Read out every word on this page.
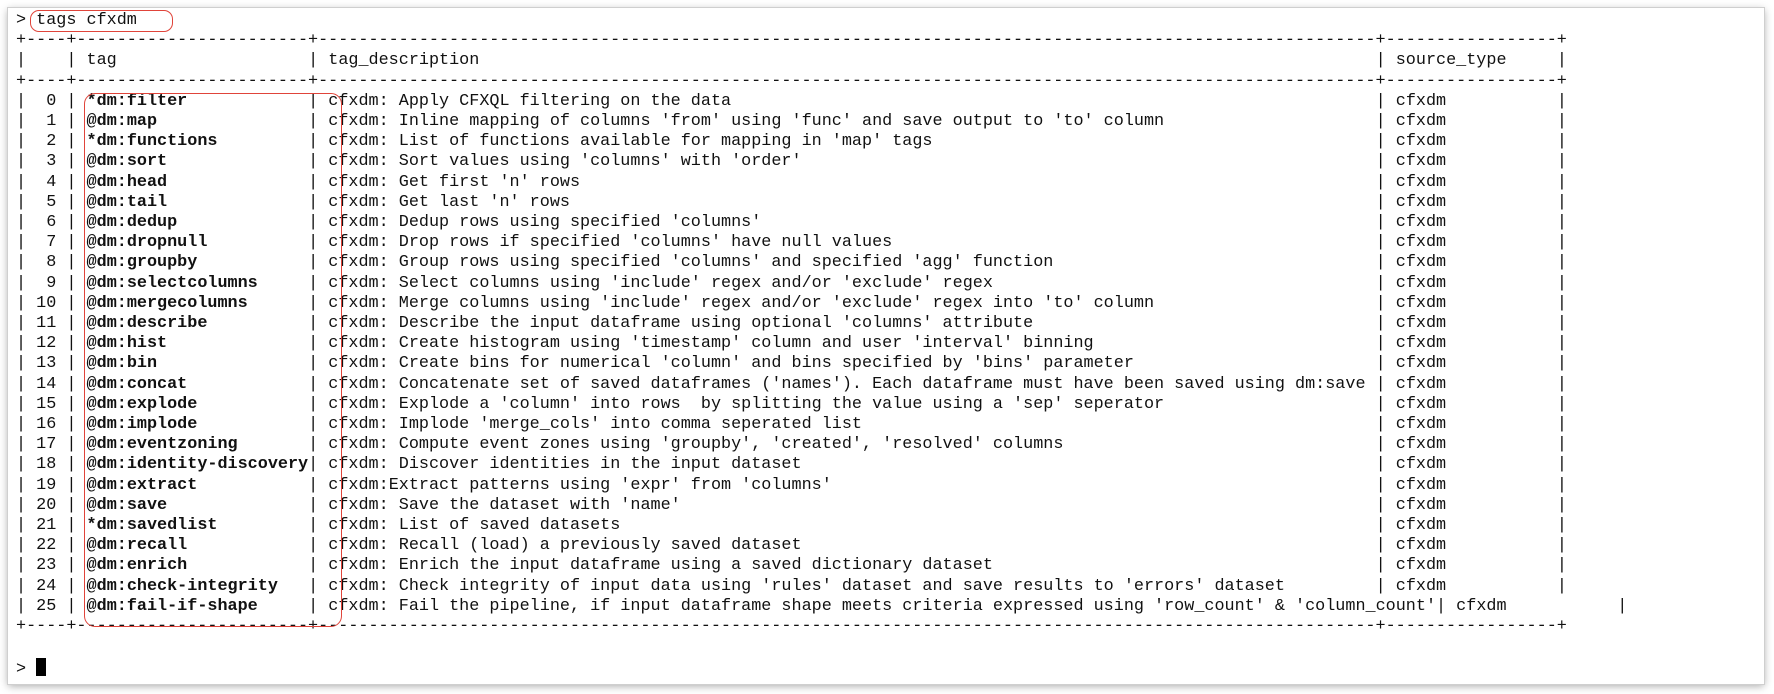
> tags cfxdm
+----+-----------------------+---------------------------------------------------------------------------------------------------------+-----------------+
|    | tag                   | tag_description                                                                                         | source_type     |
+----+-----------------------+---------------------------------------------------------------------------------------------------------+-----------------+
| 0 | *dm:filter            | cfxdm: Apply CFXQL filtering on the data                                                                | cfxdm           |
| 1 | @dm:map               | cfxdm: Inline mapping of columns 'from' using 'func' and save output to 'to' column                     | cfxdm           |
| 2 | *dm:functions         | cfxdm: List of functions available for mapping in 'map' tags                                            | cfxdm           |
| 3 | @dm:sort              | cfxdm: Sort values using 'columns' with 'order'                                                         | cfxdm           |
| 4 | @dm:head              | cfxdm: Get first 'n' rows                                                                               | cfxdm           |
| 5 | @dm:tail              | cfxdm: Get last 'n' rows                                                                                | cfxdm           |
| 6 | @dm:dedup             | cfxdm: Dedup rows using specified 'columns'                                                             | cfxdm           |
| 7 | @dm:dropnull          | cfxdm: Drop rows if specified 'columns' have null values                                                | cfxdm           |
| 8 | @dm:groupby           | cfxdm: Group rows using specified 'columns' and specified 'agg' function                                | cfxdm           |
| 9 | @dm:selectcolumns     | cfxdm: Select columns using 'include' regex and/or 'exclude' regex                                      | cfxdm           |
| 10 | @dm:mergecolumns      | cfxdm: Merge columns using 'include' regex and/or 'exclude' regex into 'to' column                      | cfxdm           |
| 11 | @dm:describe          | cfxdm: Describe the input dataframe using optional 'columns' attribute                                  | cfxdm           |
| 12 | @dm:hist              | cfxdm: Create histogram using 'timestamp' column and user 'interval' binning                            | cfxdm           |
| 13 | @dm:bin               | cfxdm: Create bins for numerical 'column' and bins specified by 'bins' parameter                        | cfxdm           |
| 14 | @dm:concat            | cfxdm: Concatenate set of saved dataframes ('names'). Each dataframe must have been saved using dm:save | cfxdm           |
| 15 | @dm:explode           | cfxdm: Explode a 'column' into rows  by splitting the value using a 'sep' seperator                     | cfxdm           |
| 16 | @dm:implode           | cfxdm: Implode 'merge_cols' into comma seperated list                                                   | cfxdm           |
| 17 | @dm:eventzoning       | cfxdm: Compute event zones using 'groupby', 'created', 'resolved' columns                               | cfxdm           |
| 18 | @dm:identity-discovery| cfxdm: Discover identities in the input dataset                                                         | cfxdm           |
| 19 | @dm:extract           | cfxdm:Extract patterns using 'expr' from 'columns'                                                      | cfxdm           |
| 20 | @dm:save              | cfxdm: Save the dataset with 'name'                                                                     | cfxdm           |
| 21 | *dm:savedlist         | cfxdm: List of saved datasets                                                                           | cfxdm           |
| 22 | @dm:recall            | cfxdm: Recall (load) a previously saved dataset                                                         | cfxdm           |
| 23 | @dm:enrich            | cfxdm: Enrich the input dataframe using a saved dictionary dataset                                      | cfxdm           |
| 24 | @dm:check-integrity   | cfxdm: Check integrity of input data using 'rules' dataset and save results to 'errors' dataset         | cfxdm           |
| 25 | @dm:fail-if-shape     | cfxdm: Fail the pipeline, if input dataframe shape meets criteria expressed using 'row_count' & 'column_count'| cfxdm           |
+----+-----------------------+---------------------------------------------------------------------------------------------------------+-----------------+

>
